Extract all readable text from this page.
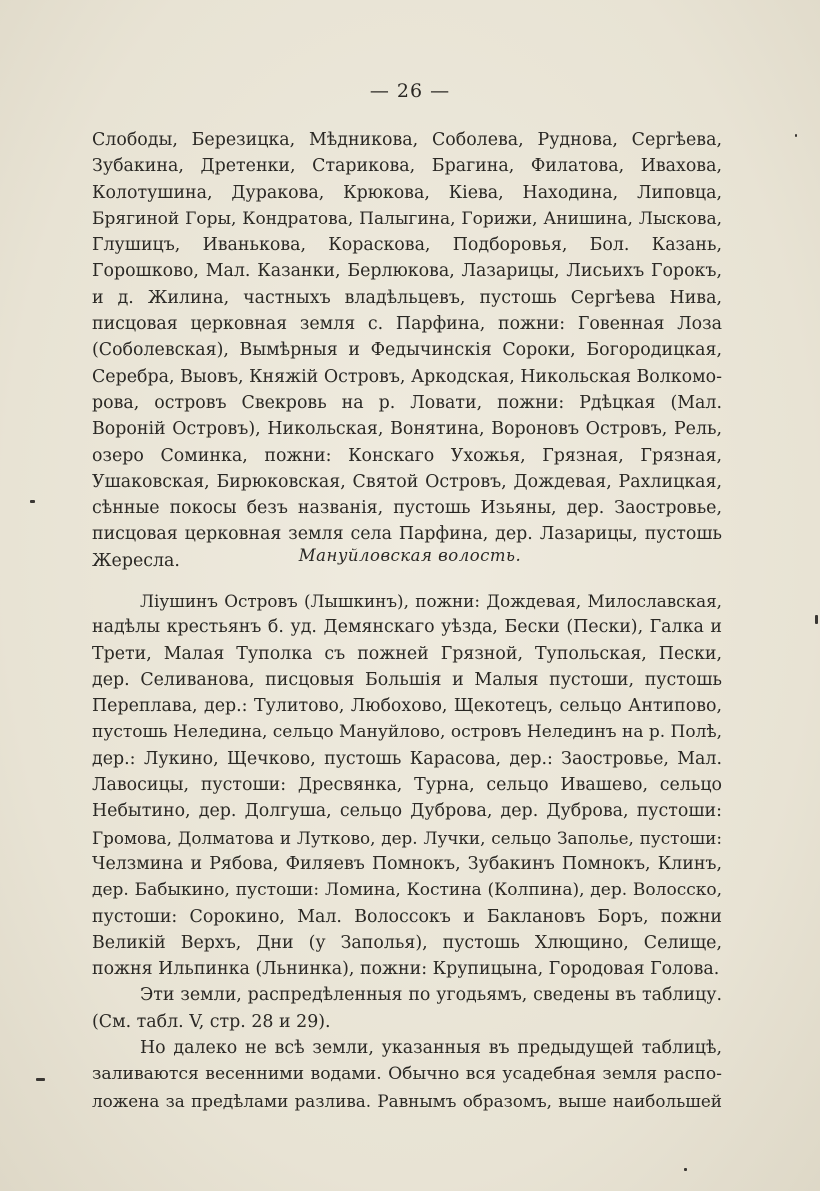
— 26 —
Слободы, Березицка, Мѣдникова, Соболева, Руднова, Сергѣева,
Зубакина, Дретенки, Старикова, Брагина, Филатова, Ивахова,
Колотушина, Дуракова, Крюкова, Кіева, Находина, Липовца,
Брягиной Горы, Кондратова, Палыгина, Горижи, Анишина, Лыскова,
Глушицъ, Иванькова, Кораскова, Подборовья, Бол. Казань,
Горошково, Мал. Казанки, Берлюкова, Лазарицы, Лисьихъ Горокъ,
и д. Жилина, частныхъ владѣльцевъ, пустошь Сергѣева Нива,
писцовая церковная земля с. Парфина, пожни: Говенная Лоза
(Соболевская), Вымѣрныя и Федычинскія Сороки, Богородицкая,
Серебра, Выовъ, Княжій Островъ, Аркодская, Никольская Волкомо-
рова, островъ Свекровь на р. Ловати, пожни: Рдѣцкая (Мал.
Вороній Островъ), Никольская, Вонятина, Вороновъ Островъ, Рель,
озеро Соминка, пожни: Конскаго Ухожья, Грязная, Грязная,
Ушаковская, Бирюковская, Святой Островъ, Дождевая, Рахлицкая,
сѣнные покосы безъ названія, пустошь Изьяны, дер. Заостровье,
писцовая церковная земля села Парфина, дер. Лазарицы, пустошь
Жересла.	Мануйловская волость.
Ліушинъ Островъ (Лышкинъ), пожни: Дождевая, Милославская,
надѣлы крестьянъ б. уд. Демянскаго уѣзда, Бески (Пески), Галка и
Трети, Малая Туполка съ пожней Грязной, Тупольская, Пески,
дер. Селиванова, писцовыя Большія и Малыя пустоши, пустошь
Переплава, дер.: Тулитово, Любохово, Щекотецъ, сельцо Антипово,
пустошь Неледина, сельцо Мануйлово, островъ Нелединъ на р. Полѣ,
дер.: Лукино, Щечково, пустошь Карасова, дер.: Заостровье, Мал.
Лавосицы, пустоши: Дресвянка, Турна, сельцо Ивашево, сельцо
Небытино, дер. Долгуша, сельцо Дуброва, дер. Дуброва, пустоши:
Громова, Долматова и Лутково, дер. Лучки, сельцо Заполье, пустоши:
Челзмина и Рябова, Филяевъ Помнокъ, Зубакинъ Помнокъ, Клинъ,
дер. Бабыкино, пустоши: Ломина, Костина (Колпина), дер. Волосско,
пустоши: Сорокино, Мал. Волоссокъ и Баклановъ Боръ, пожни
Великій Верхъ, Дни (у Заполья), пустошь Хлющино, Селище,
пожня Ильпинка (Льнинка), пожни: Крупицына, Городовая Голова.
Эти земли, распредѣленныя по угодьямъ, сведены въ таблицу.
(См. табл. V, стр. 28 и 29).
Но далеко не всѣ земли, указанныя въ предыдущей таблицѣ,
заливаются весенними водами. Обычно вся усадебная земля распо-
ложена за предѣлами разлива. Равнымъ образомъ, выше наибольшей
